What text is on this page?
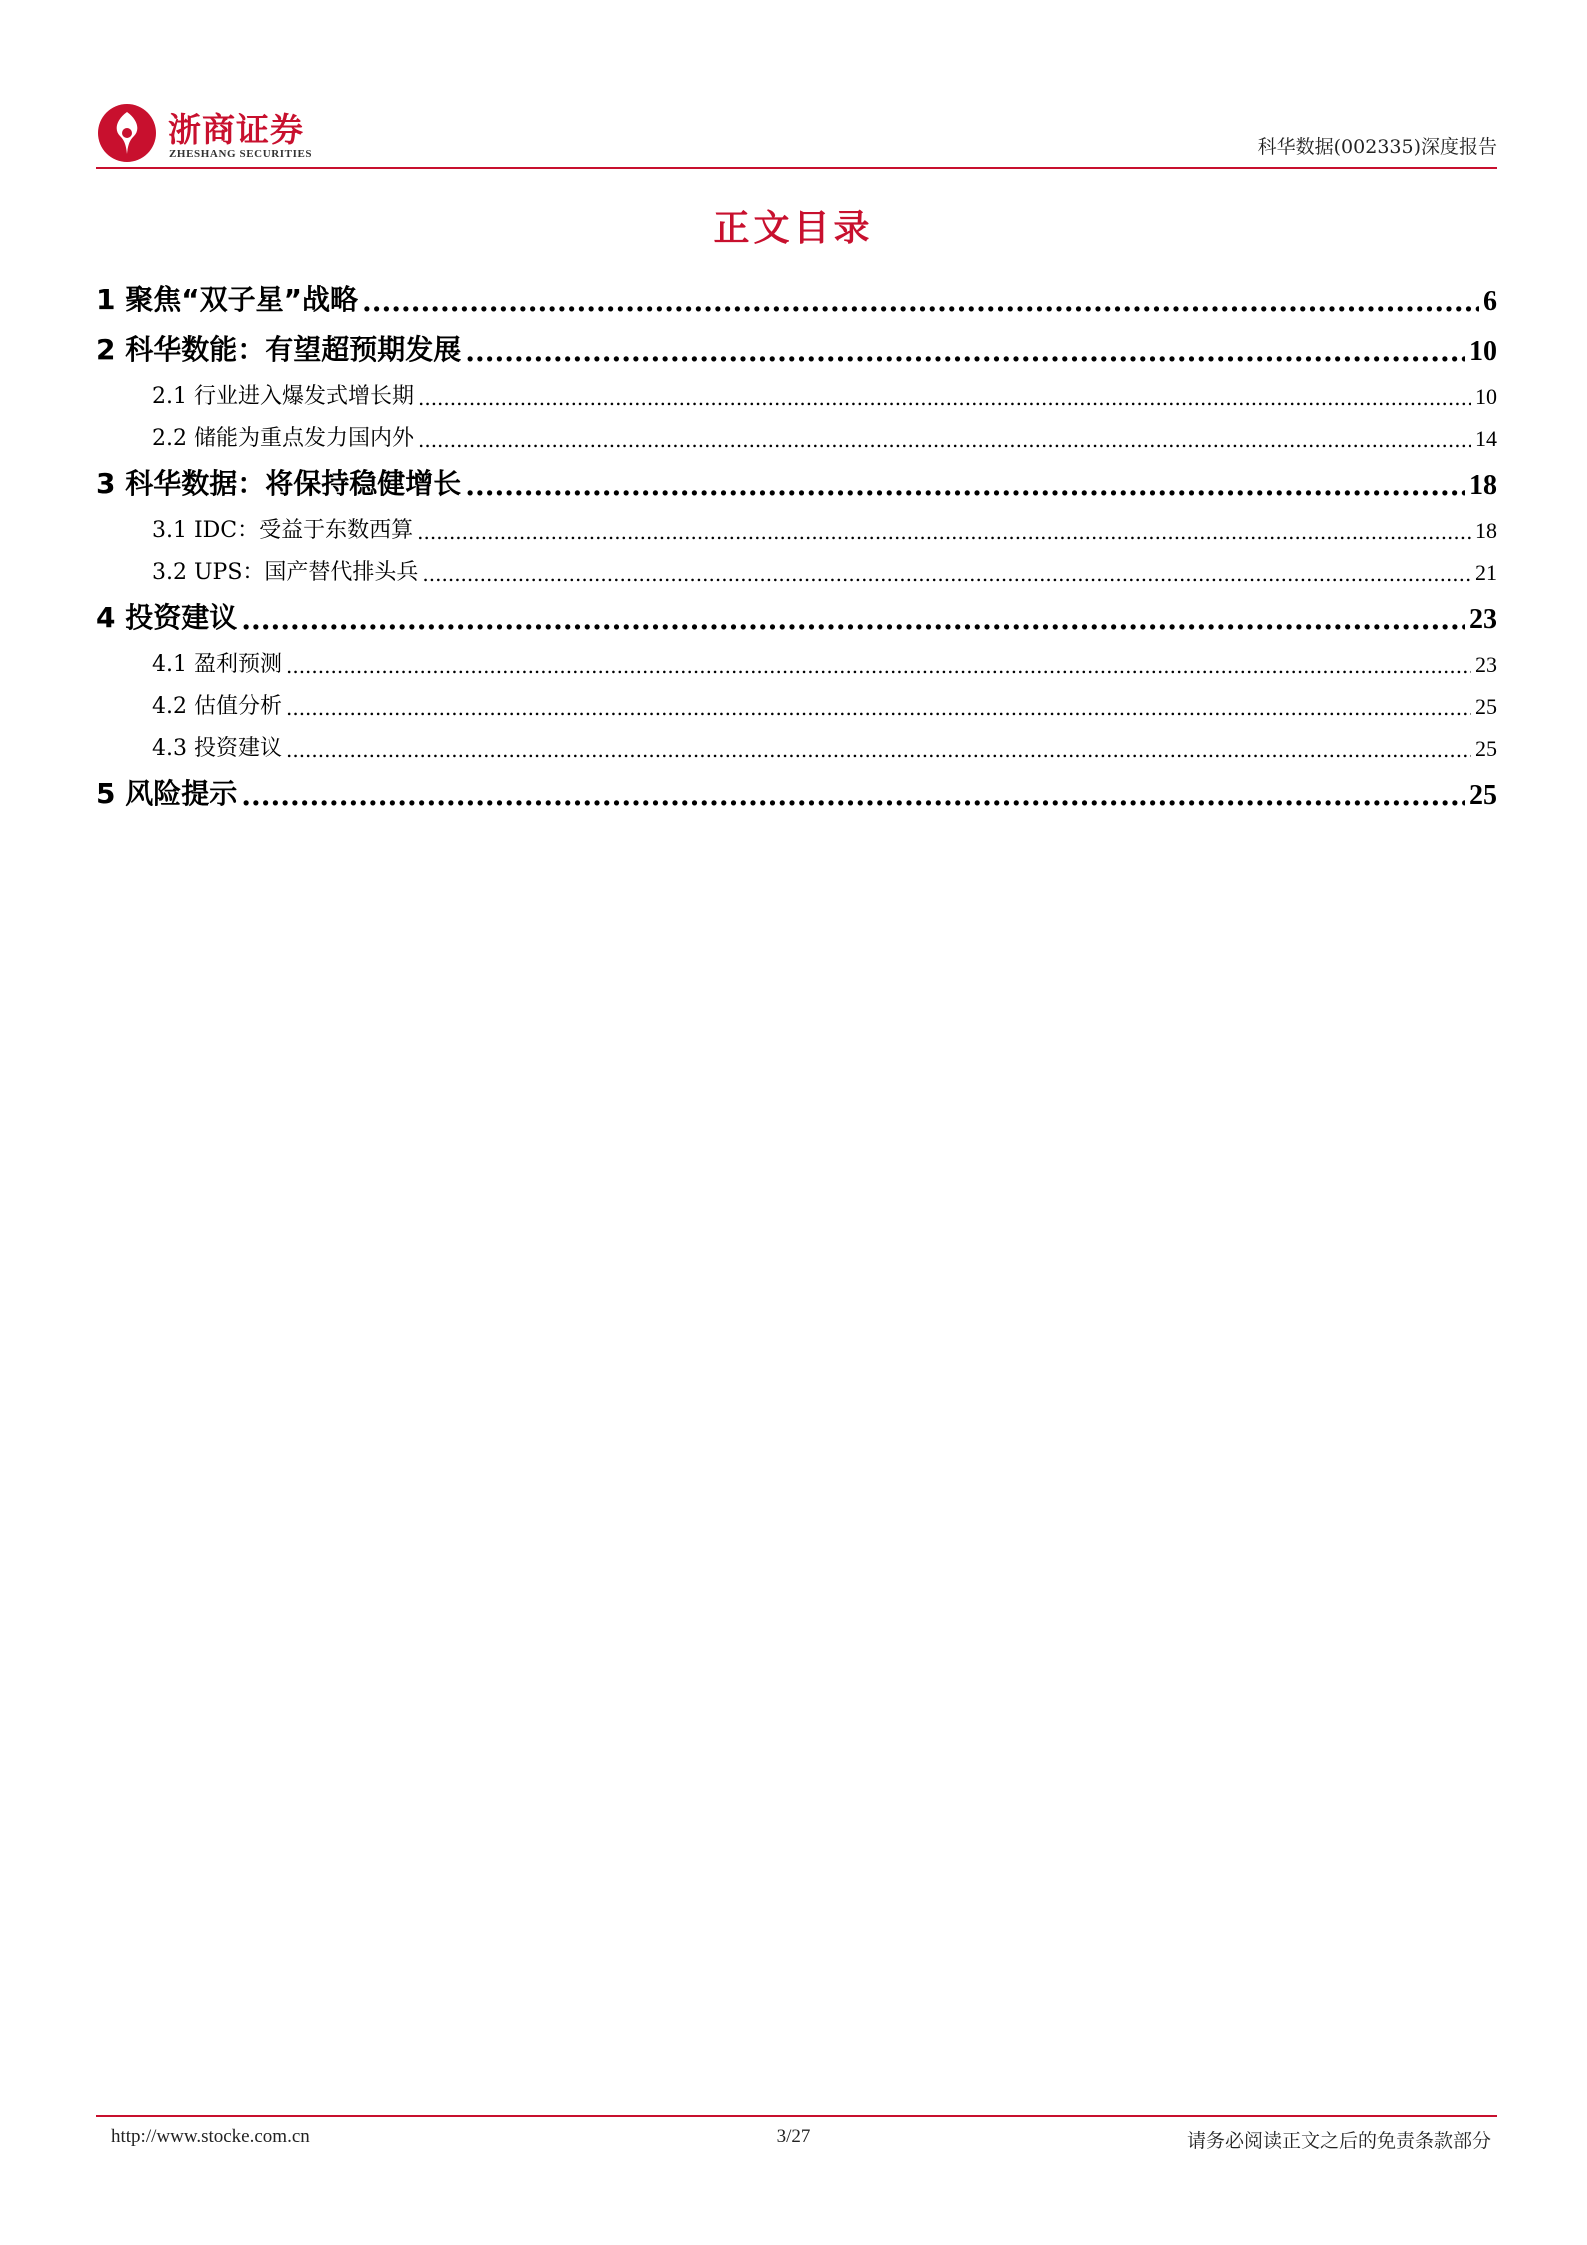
浙商证券
ZHESHANG SECURITIES	科华数据(002335)深度报告
正文目录
1 聚焦“双子星”战略 .....	6
2 科华数能：有望超预期发展 .....	10
2.1 行业进入爆发式增长期 .....	10
2.2 储能为重点发力国内外 .....	14
3 科华数据：将保持稳健增长 .....	18
3.1 IDC：受益于东数西算 .....	18
3.2 UPS：国产替代排头兵 .....	21
4 投资建议 .....	23
4.1 盈利预测 .....	23
4.2 估值分析 .....	25
4.3 投资建议 .....	25
5 风险提示 .....	25
http://www.stocke.com.cn	3/27	请务必阅读正文之后的免责条款部分
